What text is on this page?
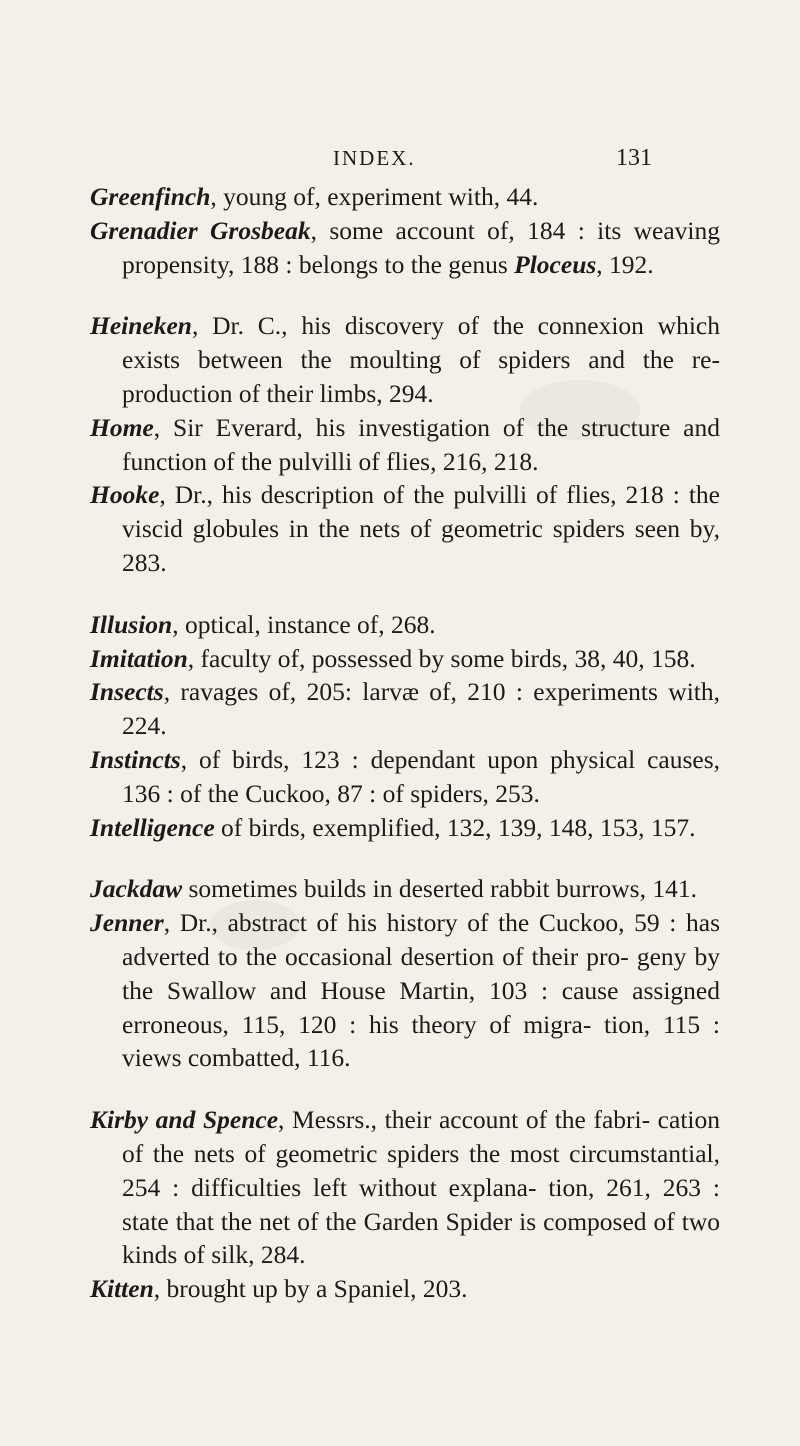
INDEX.	131

Greenfinch, young of, experiment with, 44.

Grenadier Grosbeak, some account of, 184 : its weaving propensity, 188 : belongs to the genus Ploceus, 192.

Heineken, Dr. C., his discovery of the connexion which exists between the moulting of spiders and the re- production of their limbs, 294.

Home, Sir Everard, his investigation of the structure and function of the pulvilli of flies, 216, 218.

Hooke, Dr., his description of the pulvilli of flies, 218 : the viscid globules in the nets of geometric spiders seen by, 283.

Illusion, optical, instance of, 268.

Imitation, faculty of, possessed by some birds, 38, 40, 158.

Insects, ravages of, 205: larvæ of, 210 : experiments with, 224.

Instincts, of birds, 123 : dependant upon physical causes, 136 : of the Cuckoo, 87 : of spiders, 253.

Intelligence of birds, exemplified, 132, 139, 148, 153, 157.

Jackdaw sometimes builds in deserted rabbit burrows, 141.

Jenner, Dr., abstract of his history of the Cuckoo, 59 : has adverted to the occasional desertion of their pro- geny by the Swallow and House Martin, 103 : cause assigned erroneous, 115, 120 : his theory of migra- tion, 115 : views combatted, 116.

Kirby and Spence, Messrs., their account of the fabri- cation of the nets of geometric spiders the most circumstantial, 254 : difficulties left without explana- tion, 261, 263 : state that the net of the Garden Spider is composed of two kinds of silk, 284.

Kitten, brought up by a Spaniel, 203.
